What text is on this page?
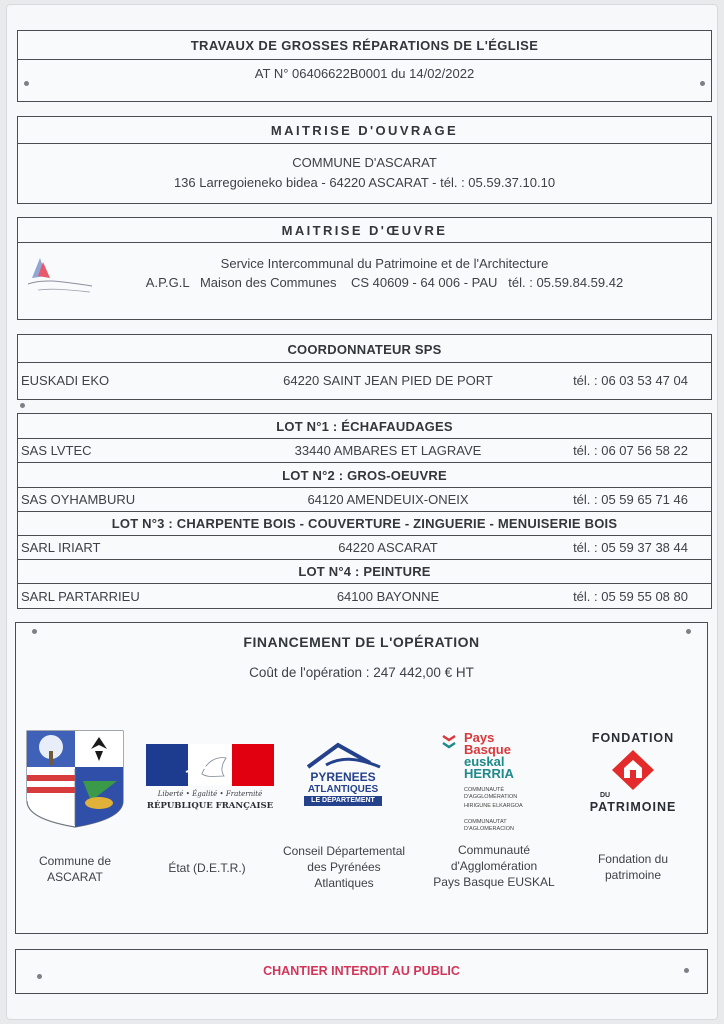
TRAVAUX DE GROSSES RÉPARATIONS DE L'ÉGLISE
AT N° 06406622B0001 du 14/02/2022
MAITRISE D'OUVRAGE
COMMUNE D'ASCARAT
136 Larregoieneko bidea - 64220 ASCARAT - tél. : 05.59.37.10.10
MAITRISE D'ŒUVRE
Service Intercommunal du Patrimoine et de l'Architecture
A.P.G.L   Maison des Communes    CS 40609 - 64 006 - PAU   tél. : 05.59.84.59.42
COORDONNATEUR SPS
EUSKADI EKO	64220 SAINT JEAN PIED DE PORT	tél. : 06 03 53 47 04
LOT N°1 : ÉCHAFAUDAGES
SAS LVTEC	33440 AMBARES ET LAGRAVE	tél. : 06 07 56 58 22
LOT N°2 : GROS-OEUVRE
SAS OYHAMBURU	64120 AMENDEUIX-ONEIX	tél. : 05 59 65 71 46
LOT N°3 : CHARPENTE BOIS - COUVERTURE - ZINGUERIE - MENUISERIE BOIS
SARL IRIART	64220 ASCARAT	tél. : 05 59 37 38 44
LOT N°4 : PEINTURE
SARL PARTARRIEU	64100 BAYONNE	tél. : 05 59 55 08 80
FINANCEMENT DE L'OPÉRATION
Coût de l'opération : 247 442,00 € HT
Liberté • Égalité • Fraternité
RÉPUBLIQUE FRANÇAISE
PYRENEES
ATLANTIQUES
LE DÉPARTEMENT
Pays
Basque
euskal
HERRIA
COMMUNAUTÉ D'AGGLOMÉRATION
HIRIGUNE ELKARGOA
COMMUNAUTAT D'AGLOMERACION
FONDATION
DU
PATRIMOINE
Commune de
ASCARAT
État (D.E.T.R.)
Conseil Départemental
des Pyrénées
Atlantiques
Communauté
d'Agglomération
Pays Basque EUSKAL
Fondation du
patrimoine
CHANTIER INTERDIT AU PUBLIC
